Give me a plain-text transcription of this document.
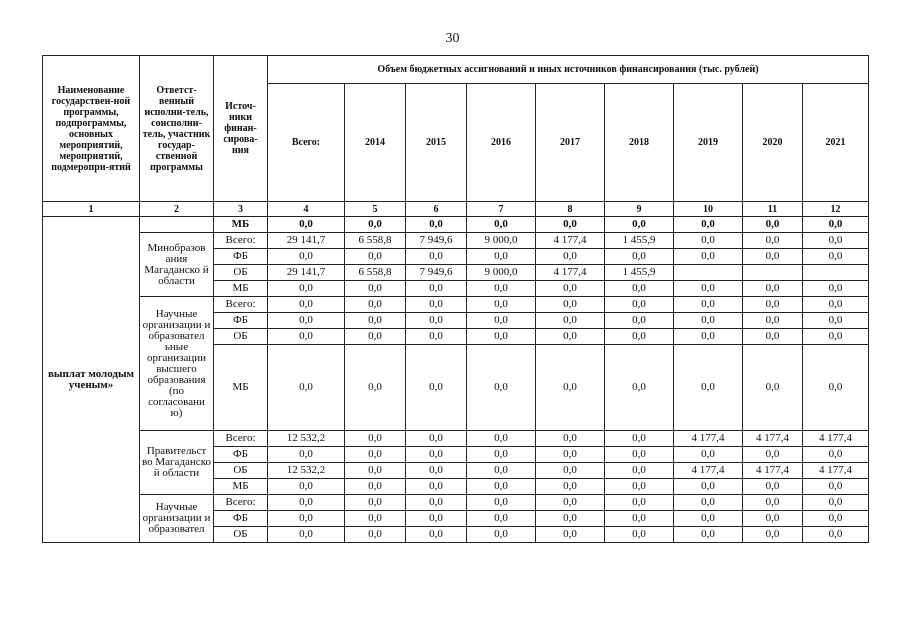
30
Наименование государствен-ной программы, подпрограммы, основных мероприятий, мероприятий, подмеропри-ятий	Ответст-венный исполни-тель, соисполни-тель, участник государ-ственной программы	Источ-ники финан-сирова-ния	Объем бюджетных ассигнований и иных источников финансирования (тыс. рублей)								
			Всего:	2014	2015	2016	2017	2018	2019	2020	2021
1	2	3	4	5	6	7	8	9	10	11	12
выплат молодым ученым»		МБ	0,0	0,0	0,0	0,0	0,0	0,0	0,0	0,0	0,0
	Минобразов ания Магаданско й области	Всего:	29 141,7	6 558,8	7 949,6	9 000,0	4 177,4	1 455,9	0,0	0,0	0,0
		ФБ	0,0	0,0	0,0	0,0	0,0	0,0	0,0	0,0	0,0
		ОБ	29 141,7	6 558,8	7 949,6	9 000,0	4 177,4	1 455,9			
		МБ	0,0	0,0	0,0	0,0	0,0	0,0	0,0	0,0	0,0
	Научные организации и образовател ьные организации высшего образования (по согласовани ю)	Всего:	0,0	0,0	0,0	0,0	0,0	0,0	0,0	0,0	0,0
		ФБ	0,0	0,0	0,0	0,0	0,0	0,0	0,0	0,0	0,0
		ОБ	0,0	0,0	0,0	0,0	0,0	0,0	0,0	0,0	0,0
		МБ	0,0	0,0	0,0	0,0	0,0	0,0	0,0	0,0	0,0
	Правительст во Магаданско й области	Всего:	12 532,2	0,0	0,0	0,0	0,0	0,0	4 177,4	4 177,4	4 177,4
		ФБ	0,0	0,0	0,0	0,0	0,0	0,0	0,0	0,0	0,0
		ОБ	12 532,2	0,0	0,0	0,0	0,0	0,0	4 177,4	4 177,4	4 177,4
		МБ	0,0	0,0	0,0	0,0	0,0	0,0	0,0	0,0	0,0
	Научные организации и образовател	Всего:	0,0	0,0	0,0	0,0	0,0	0,0	0,0	0,0	0,0
		ФБ	0,0	0,0	0,0	0,0	0,0	0,0	0,0	0,0	0,0
		ОБ	0,0	0,0	0,0	0,0	0,0	0,0	0,0	0,0	0,0
